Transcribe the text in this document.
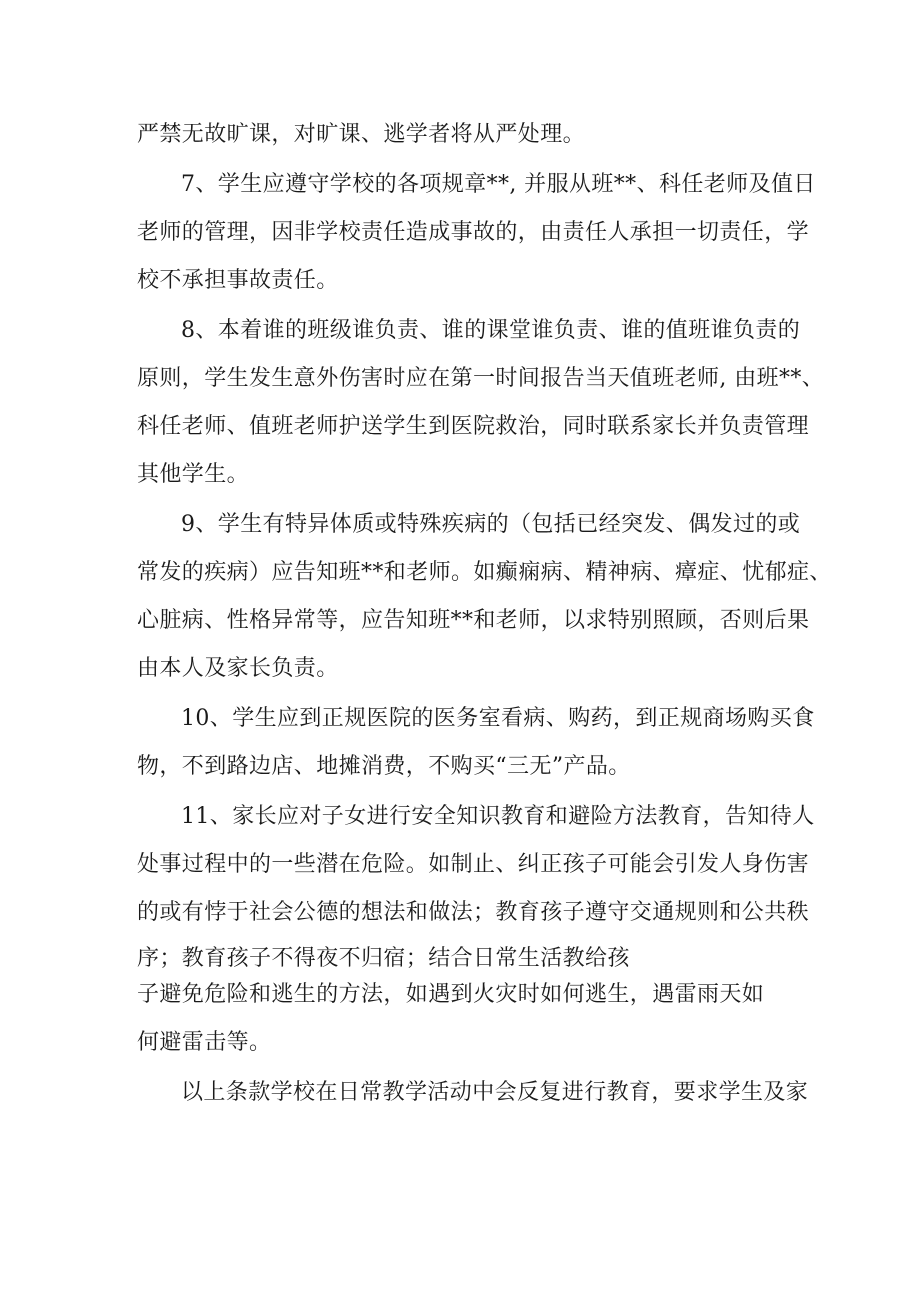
严禁无故旷课，对旷课、逃学者将从严处理。
7、学生应遵守学校的各项规章**, 并服从班**、科任老师及值日
老师的管理，因非学校责任造成事故的，由责任人承担一切责任，学
校不承担事故责任。
8、本着谁的班级谁负责、谁的课堂谁负责、谁的值班谁负责的
原则，学生发生意外伤害时应在第一时间报告当天值班老师, 由班**、
科任老师、值班老师护送学生到医院救治，同时联系家长并负责管理
其他学生。
9、学生有特异体质或特殊疾病的（包括已经突发、偶发过的或
常发的疾病）应告知班**和老师。如癫痫病、精神病、瘴症、忧郁症、
心脏病、性格异常等，应告知班**和老师，以求特别照顾，否则后果
由本人及家长负责。
10、学生应到正规医院的医务室看病、购药，到正规商场购买食
物，不到路边店、地摊消费，不购买“三无”产品。
11、家长应对子女进行安全知识教育和避险方法教育，告知待人
处事过程中的一些潜在危险。如制止、纠正孩子可能会引发人身伤害
的或有悖于社会公德的想法和做法；教育孩子遵守交通规则和公共秩
序；教育孩子不得夜不归宿；结合日常生活教给孩
子避免危险和逃生的方法，如遇到火灾时如何逃生，遇雷雨天如
何避雷击等。
以上条款学校在日常教学活动中会反复进行教育，要求学生及家
